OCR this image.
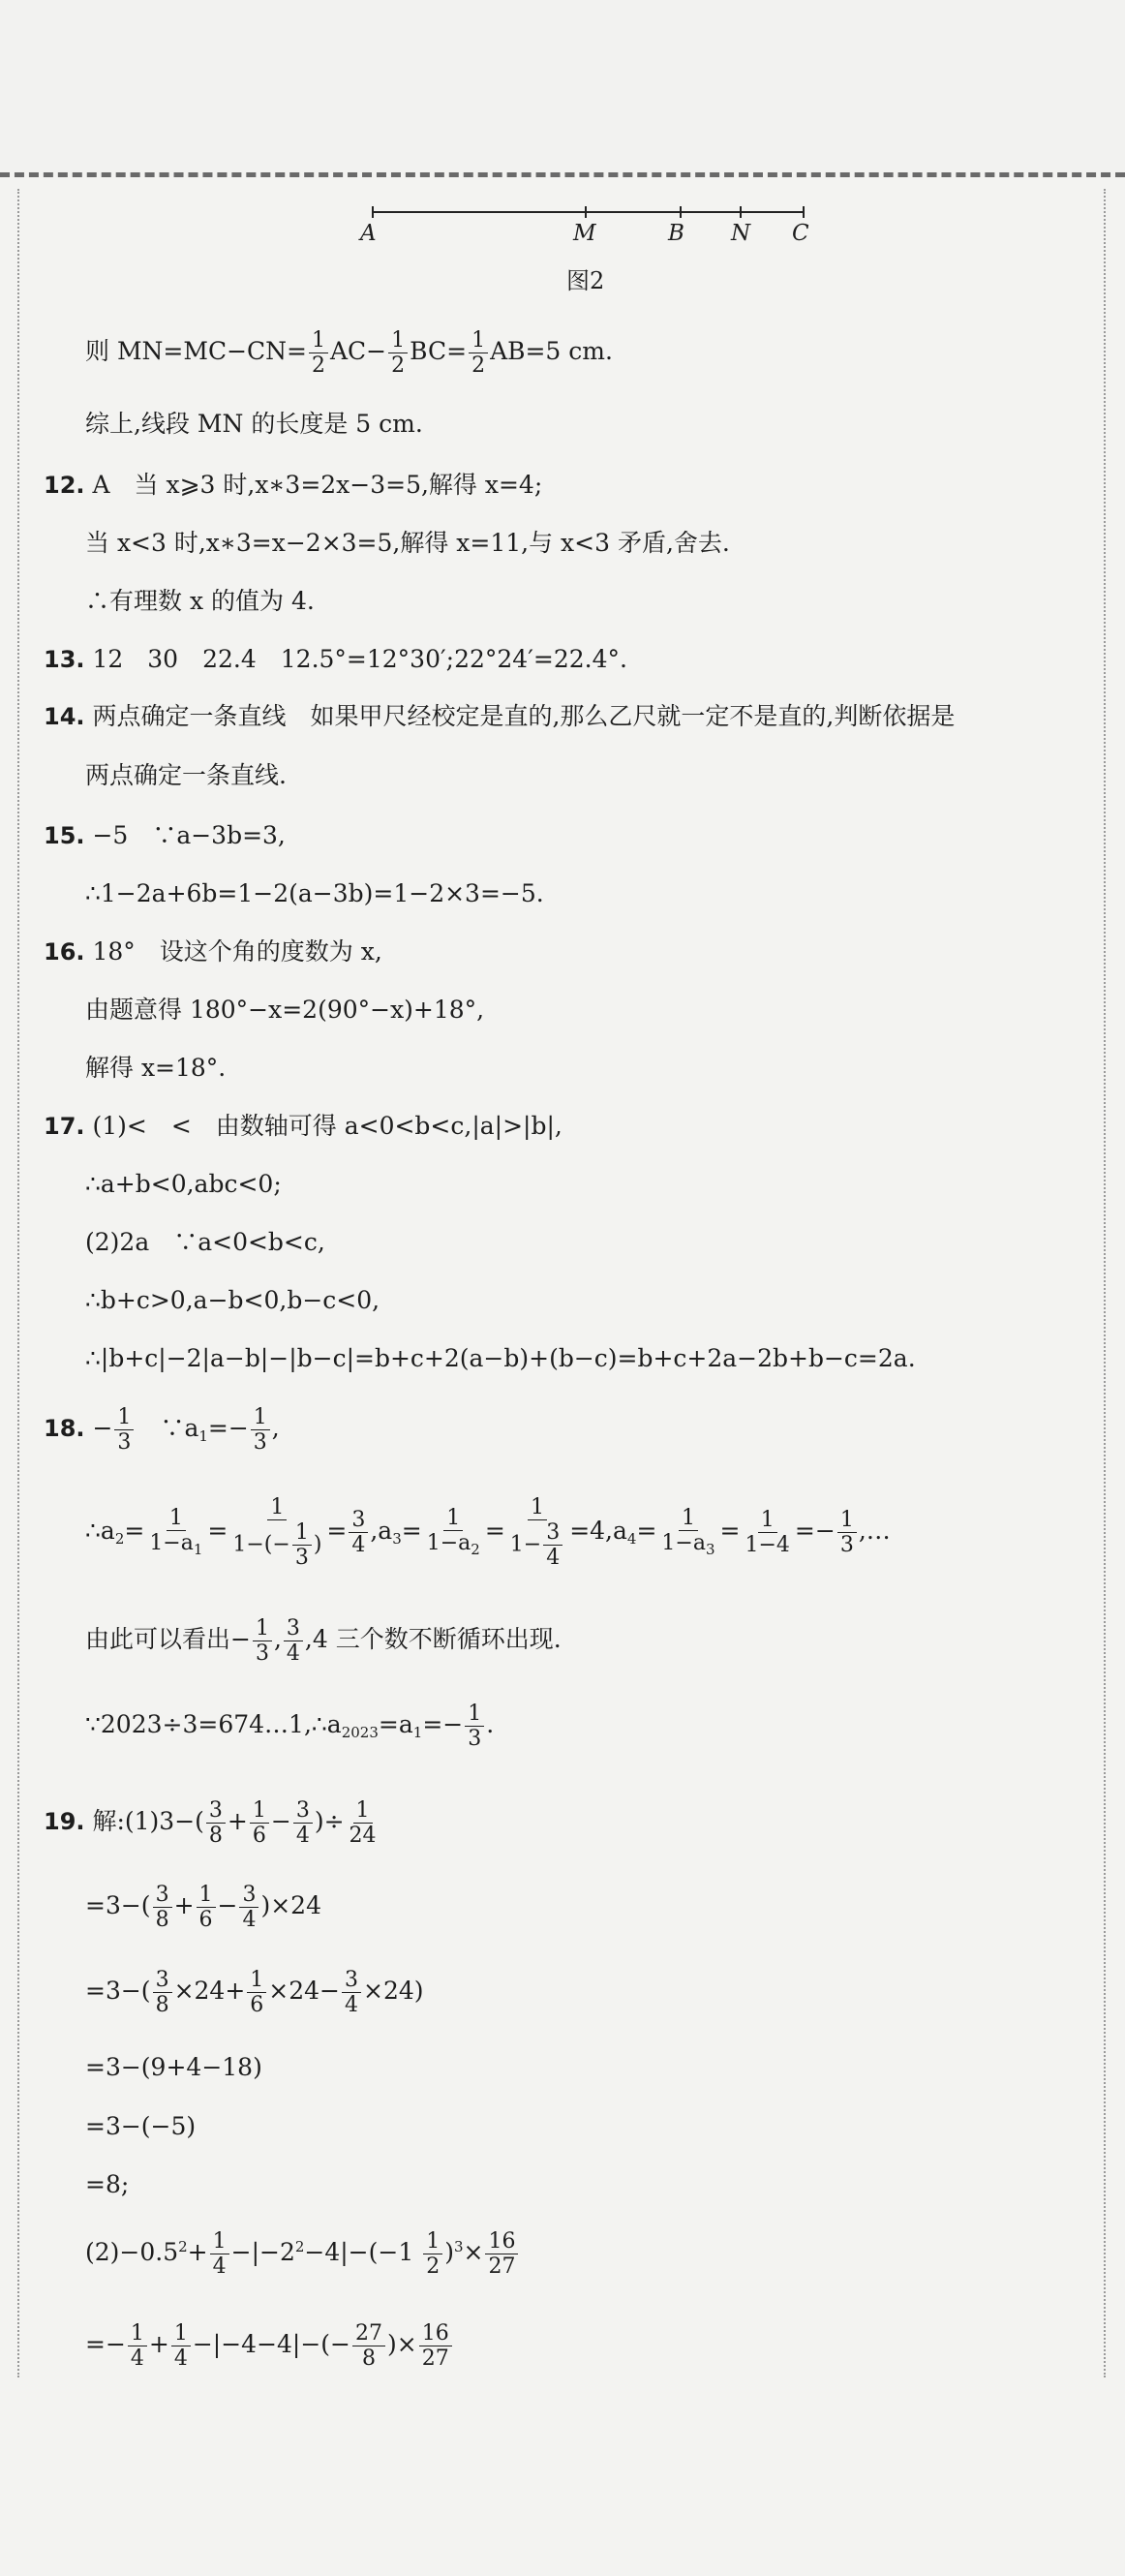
A	M	B N C
图2
则 $MN=MC-CN= \frac{1}{2} AC- \frac{1}{2} BC= \frac{1}{2} AB=5$ cm.
综上,线段 MN 的长度是 5 cm.
12. A　当 x⩾3 时,x∗3=2x−3=5,解得 x=4;
当 x<3 时,x∗3=x−2×3=5,解得 x=11,与 x<3 矛盾,舍去.
∴有理数 x 的值为 4.
13. 12　30　22.4　12.5°=12°30′;22°24′=22.4°.
14. 两点确定一条直线　如果甲尺经校定是直的,那么乙尺就一定不是直的,判断依据是
两点确定一条直线.
15. −5　∵a−3b=3,
∴1−2a+6b=1−2(a−3b)=1−2×3=−5.
16. 18°　设这个角的度数为 x,
由题意得 180°−x=2(90°−x)+18°,
解得 x=18°.
17. (1)<　<　由数轴可得 a<0<b<c,|a|>|b|,
∴a+b<0,abc<0;
(2)2a　∵a<0<b<c,
∴b+c>0,a−b<0,b−c<0,
∴|b+c|−2|a−b|−|b−c|=b+c+2(a−b)+(b−c)=b+c+2a−2b+b−c=2a.
18. − $\frac{1}{3}$
　 $\because a_1=- \frac{1}{3}$ ,
$\therefore a_2= \frac{1}{1-a_1} = \frac{1}{1-(- \frac{1}{3} )} = \frac{3}{4} ,a_3= \frac{1}{1-a_2} = \frac{1}{1- \frac{3}{4}} =4,a_4= \frac{1}{1-a_3} = \frac{1}{1-4} =- \frac{1}{3}$ ,…
由此可以看出− $\frac{1}{3}$ , $\frac{3}{4} ,4$ 三个数不断循环出现.
$\because 2023\div 3=674\dots 1,\therefore a_{2023}=a_1=- \frac{1}{3}$ .
19. 解:(1)3−( $\frac{3}{8} + \frac{1}{6} - \frac{3}{4}$ )÷ $\frac{1}{24}$
$=3-( \frac{3}{8} + \frac{1}{6} - \frac{3}{4} )\times 24$
$=3-( \frac{3}{8} \times 24+ \frac{1}{6} \times 24- \frac{3}{4} \times 24)$
=3−(9+4−18)
=3−(−5)
=8;
$(2)-0.5^2+ \frac{1}{4} -|-2^2-4|-(-1 \frac{1}{2} )^3\times \frac{16}{27}$
=− $\frac{1}{4} + \frac{1}{4} -|-4-4|-(- \frac{27}{8}$ )× $\frac{16}{27}$
